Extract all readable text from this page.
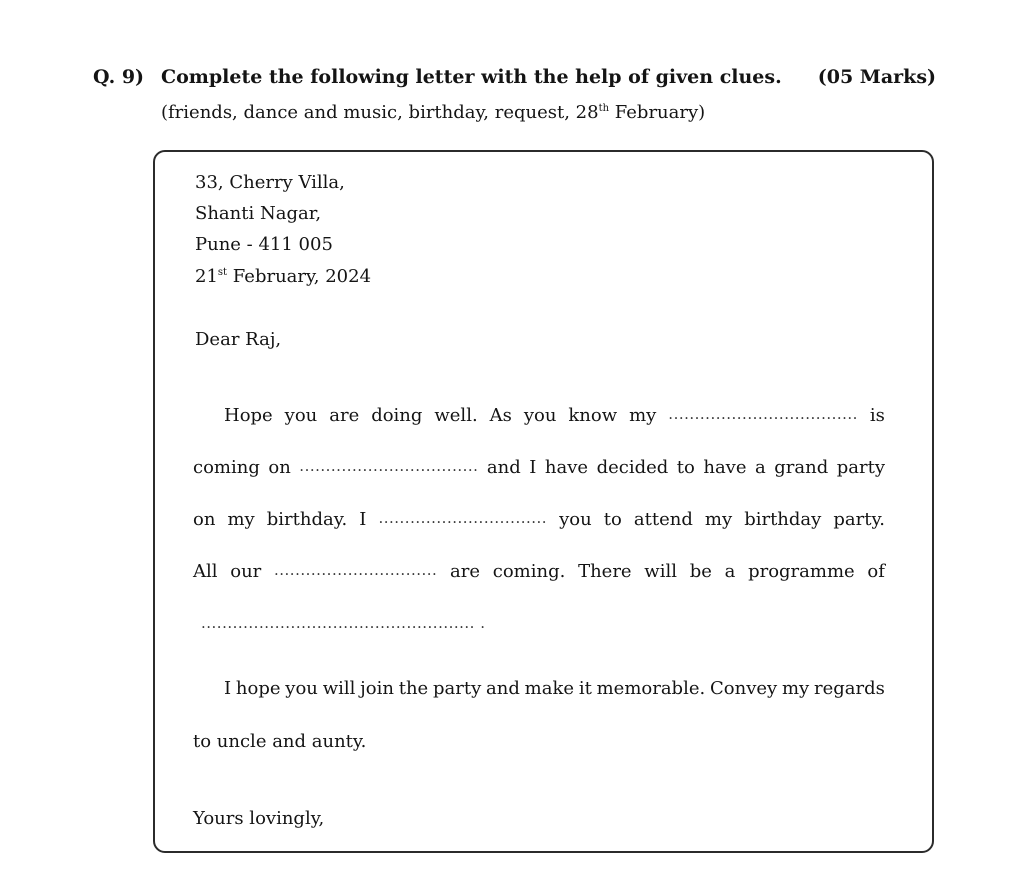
Q. 9) Complete the following letter with the help of given clues. (05 Marks)
(friends, dance and music, birthday, request, 28th February)
33, Cherry Villa,
Shanti Nagar,
Pune - 411 005
21st February, 2024
Dear Raj,
Hope you are doing well. As you know my .................................... is
coming on .................................. and I have decided to have a grand party
on my birthday. I ................................ you to attend my birthday party.
All our ............................... are coming. There will be a programme of
.................................................... .
I hope you will join the party and make it memorable. Convey my regards
to uncle and aunty.
Yours lovingly,
